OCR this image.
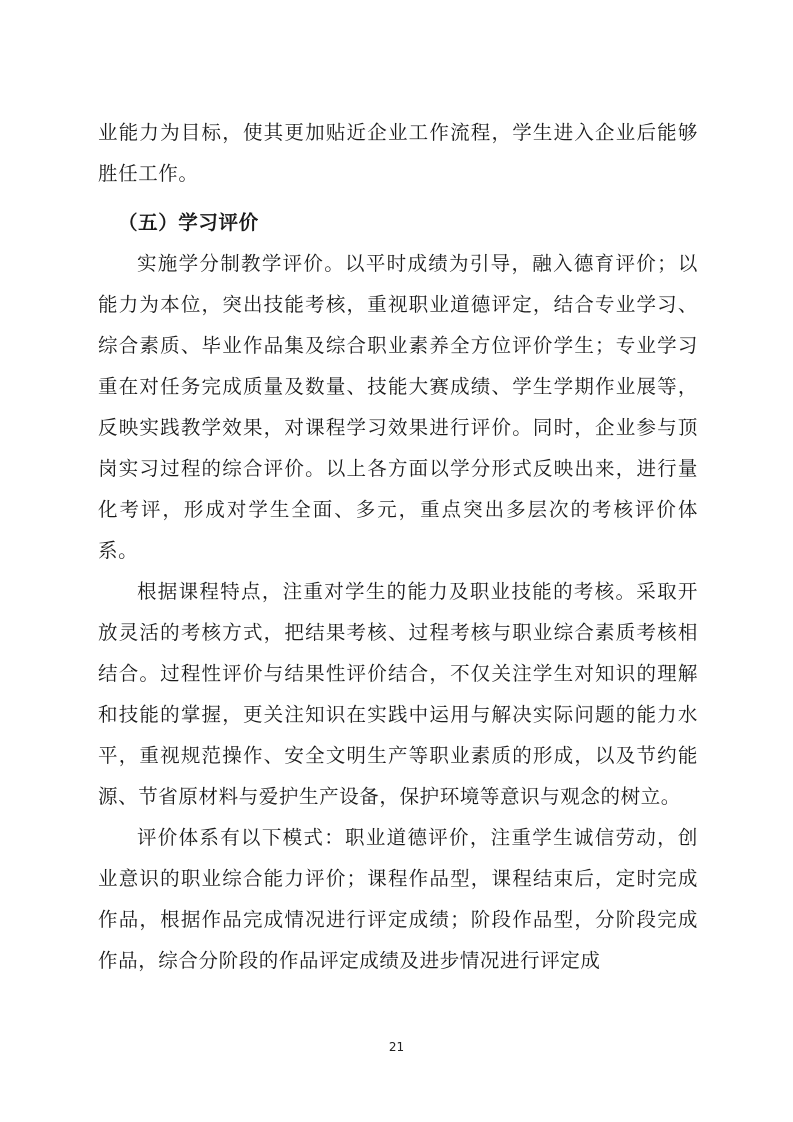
业能力为目标，使其更加贴近企业工作流程，学生进入企业后能够胜任工作。

（五）学习评价

实施学分制教学评价。以平时成绩为引导，融入德育评价；以能力为本位，突出技能考核，重视职业道德评定，结合专业学习、综合素质、毕业作品集及综合职业素养全方位评价学生；专业学习重在对任务完成质量及数量、技能大赛成绩、学生学期作业展等，反映实践教学效果，对课程学习效果进行评价。同时，企业参与顶岗实习过程的综合评价。以上各方面以学分形式反映出来，进行量化考评，形成对学生全面、多元，重点突出多层次的考核评价体系。

根据课程特点，注重对学生的能力及职业技能的考核。采取开放灵活的考核方式，把结果考核、过程考核与职业综合素质考核相结合。过程性评价与结果性评价结合，不仅关注学生对知识的理解和技能的掌握，更关注知识在实践中运用与解决实际问题的能力水平，重视规范操作、安全文明生产等职业素质的形成，以及节约能源、节省原材料与爱护生产设备，保护环境等意识与观念的树立。

评价体系有以下模式：职业道德评价，注重学生诚信劳动，创业意识的职业综合能力评价；课程作品型，课程结束后，定时完成作品，根据作品完成情况进行评定成绩；阶段作品型，分阶段完成作品，综合分阶段的作品评定成绩及进步情况进行评定成

21
